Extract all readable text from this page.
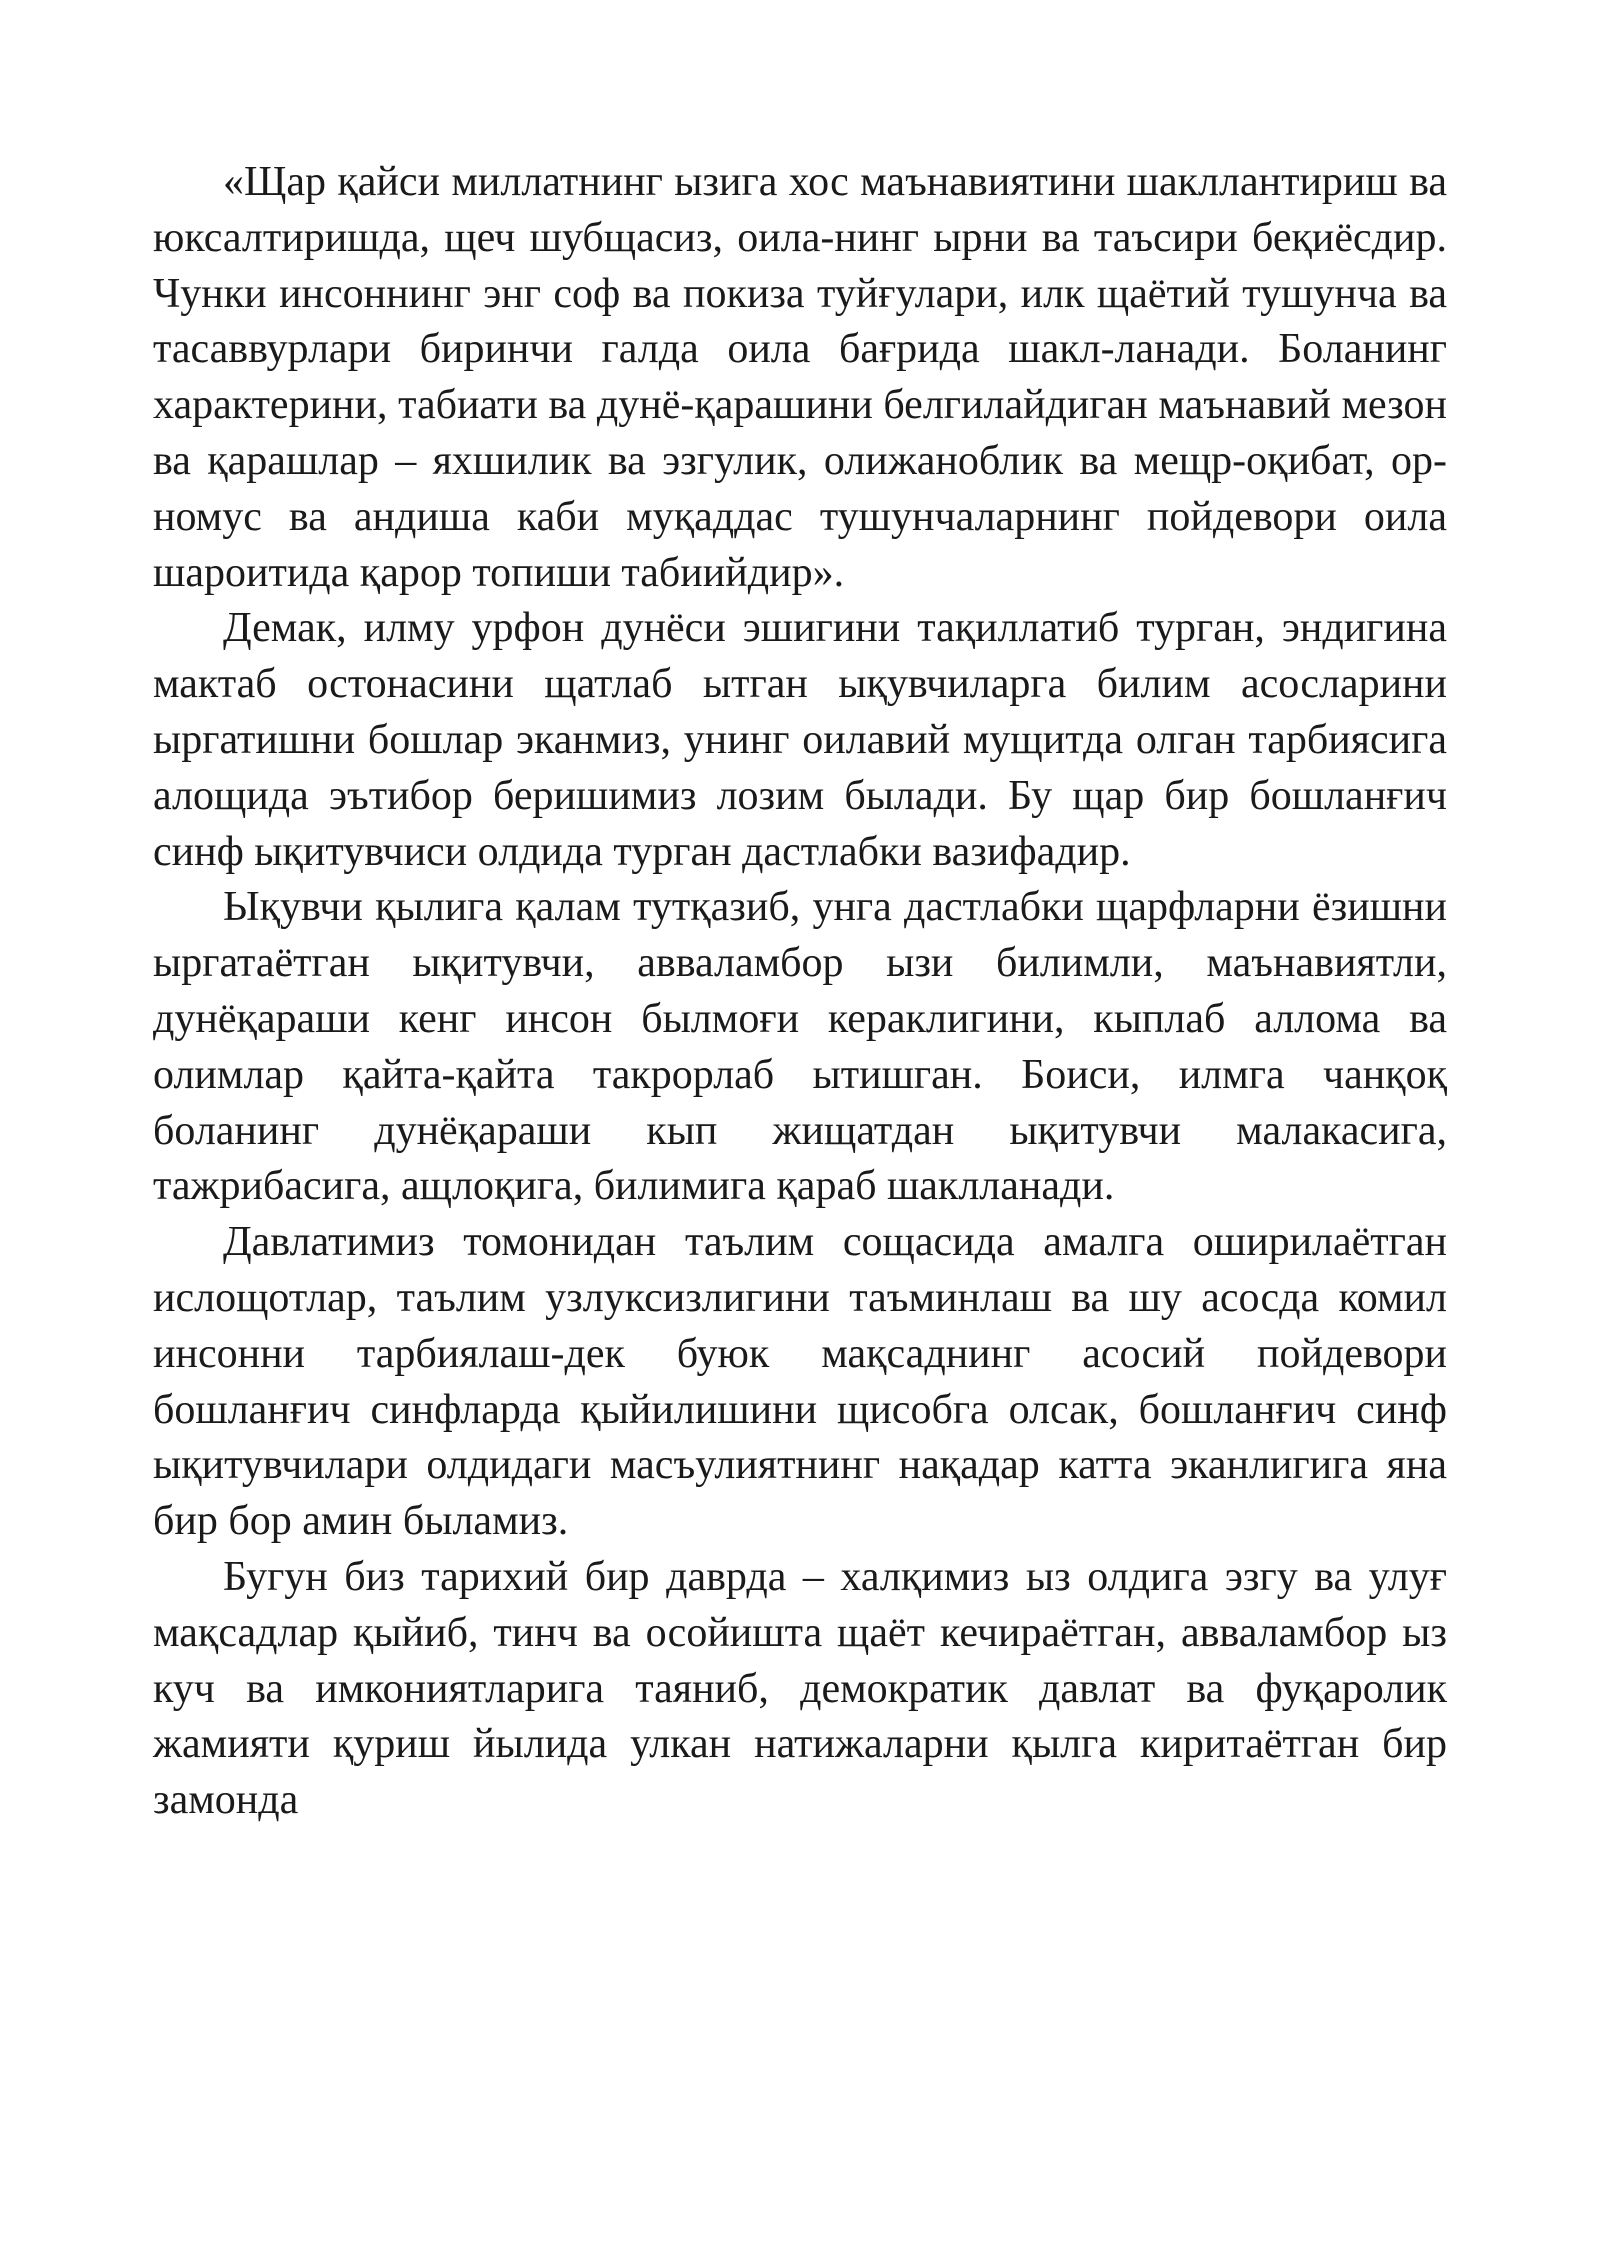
«Щар қайси миллатнинг ызига хос маънавиятини шакллантириш ва юксалтиришда, щеч шубщасиз, оила-нинг ырни ва таъсири беқиёсдир. Чунки инсоннинг энг соф ва покиза туйғулари, илк щаётий тушунча ва тасаввурлари биринчи галда оила бағрида шакл-ланади. Боланинг характерини, табиати ва дунё-қарашини белгилайдиган маънавий мезон ва қарашлар – яхшилик ва эзгулик, олижаноблик ва мещр-оқибат, ор-номус ва андиша каби муқаддас тушунчаларнинг пойдевори оила шароитида қарор топиши табиийдир».

Демак, илму урфон дунёси эшигини тақиллатиб турган, эндигина мактаб остонасини щатлаб ытган ықувчиларга билим асосларини ыргатишни бошлар эканмиз, унинг оилавий мущитда олган тарбиясига алощида эътибор беришимиз лозим былади. Бу щар бир бошланғич синф ықитувчиси олдида турган дастлабки вазифадир.

Ықувчи қылига қалам тутқазиб, унга дастлабки щарфларни ёзишни ыргатаётган ықитувчи, авваламбор ызи билимли, маънавиятли, дунёқараши кенг инсон былмоғи кераклигини, кыплаб аллома ва олимлар қайта-қайта такрорлаб ытишган. Боиси, илмга чанқоқ боланинг дунёқараши кып жищатдан ықитувчи малакасига, тажрибасига, ащлоқига, билимига қараб шаклланади.

Давлатимиз томонидан таълим сощасида амалга оширилаётган ислощотлар, таълим узлуксизлигини таъминлаш ва шу асосда комил инсонни тарбиялаш-дек буюк мақсаднинг асосий пойдевори бошланғич синфларда қыйилишини щисобга олсак, бошланғич синф ықитувчилари олдидаги масъулиятнинг нақадар катта эканлигига яна бир бор амин быламиз.

Бугун биз тарихий бир даврда – халқимиз ыз олдига эзгу ва улуғ мақсадлар қыйиб, тинч ва осойишта щаёт кечираётган, авваламбор ыз куч ва имкониятларига таяниб, демократик давлат ва фуқаролик жамияти қуриш йылида улкан натижаларни қылга киритаётган бир замонда
